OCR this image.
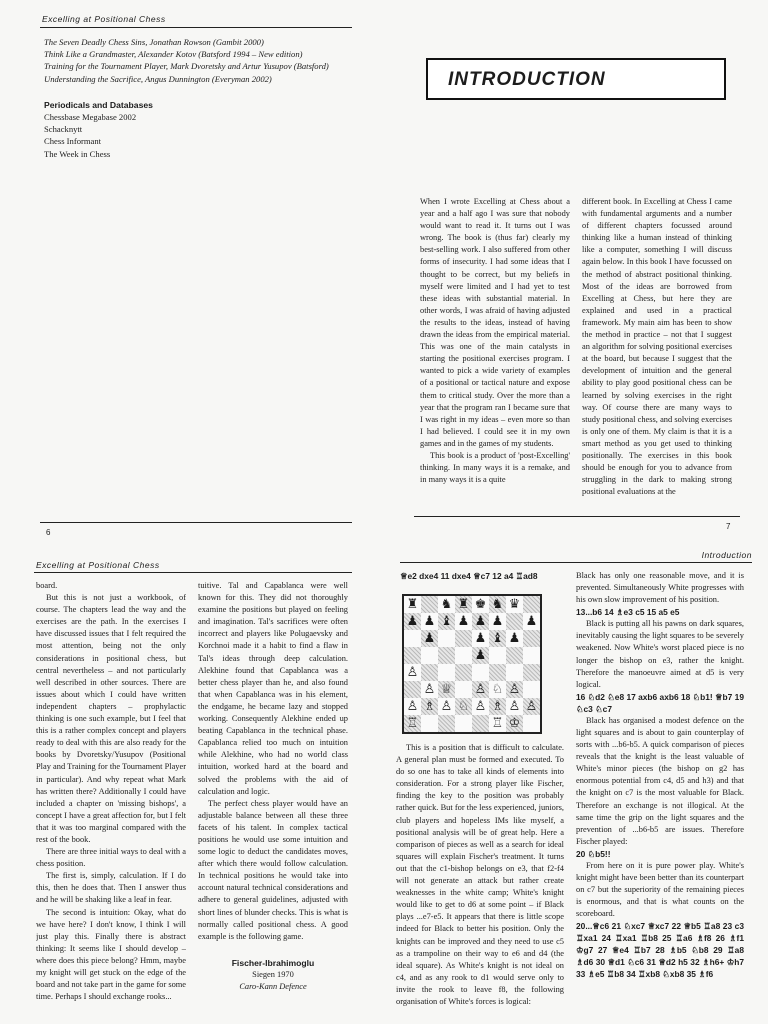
Excelling at Positional Chess
The Seven Deadly Chess Sins, Jonathan Rowson (Gambit 2000)
Think Like a Grandmaster, Alexander Kotov (Batsford 1994 – New edition)
Training for the Tournament Player, Mark Dvoretsky and Artur Yusupov (Batsford)
Understanding the Sacrifice, Angus Dunnington (Everyman 2002)
Periodicals and Databases
Chessbase Megabase 2002
Schacknytt
Chess Informant
The Week in Chess
6
INTRODUCTION

When I wrote Excelling at Chess about a year and a half ago I was sure that nobody would want to read it. It turns out I was wrong. The book is (thus far) clearly my best-selling work. I also suffered from other forms of insecurity. I had some ideas that I thought to be correct, but my beliefs in myself were limited and I had yet to test these ideas with substantial material. In other words, I was afraid of having adjusted the results to the ideas, instead of having drawn the ideas from the empirical material. This was one of the main catalysts in starting the positional exercises program. I wanted to pick a wide variety of examples of a positional or tactical nature and expose them to critical study. Over the more than a year that the program ran I became sure that I was right in my ideas – even more so than I had believed. I could see it in my own games and in the games of my students.

This book is a product of 'post-Excelling' thinking. In many ways it is a remake, and in many ways it is a quite

different book. In Excelling at Chess I came with fundamental arguments and a number of different chapters focussed around thinking like a human instead of thinking like a computer, something I will discuss again below. In this book I have focussed on the method of abstract positional thinking. Most of the ideas are borrowed from Excelling at Chess, but here they are explained and used in a practical framework. My main aim has been to show the method in practice – not that I suggest an algorithm for solving positional exercises at the board, but because I suggest that the development of intuition and the general ability to play good positional chess can be learned by solving exercises in the right way. Of course there are many ways to study positional chess, and solving exercises is only one of them. My claim is that it is a smart method as you get used to thinking positionally. The exercises in this book should be enough for you to advance from struggling in the dark to making strong positional evaluations at the

7
Excelling at Positional Chess

board.

But this is not just a workbook, of course. The chapters lead the way and the exercises are the path. In the exercises I have discussed issues that I felt required the most attention, being not the only considerations in positional chess, but central nevertheless – and not particularly well described in other sources. There are issues about which I could have written independent chapters – prophylactic thinking is one such example, but I feel that this is a rather complex concept and players ready to deal with this are also ready for the books by Dvoretsky/Yusupov (Positional Play and Training for the Tournament Player in particular). And why repeat what Mark has written there? Additionally I could have included a chapter on 'missing bishops', a concept I have a great affection for, but I felt that it was too marginal compared with the rest of the book.

There are three initial ways to deal with a chess position.

The first is, simply, calculation. If I do this, then he does that. Then I answer thus and he will be shaking like a leaf in fear.

The second is intuition: Okay, what do we have here? I don't know, I think I will just play this. Finally there is abstract thinking: It seems like I should develop – where does this piece belong? Hmm, maybe my knight will get stuck on the edge of the board and not take part in the game for some time. Perhaps I should exchange rooks...

tuitive. Tal and Capablanca were well known for this. They did not thoroughly examine the positions but played on feeling and imagination. Tal's sacrifices were often incorrect and players like Polugaevsky and Korchnoi made it a habit to find a flaw in Tal's ideas through deep calculation. Alekhine found that Capablanca was a better chess player than he, and also found that when Capablanca was in his element, the endgame, he became lazy and stopped working. Consequently Alekhine ended up beating Capablanca in the technical phase. Capablanca relied too much on intuition while Alekhine, who had no world class intuition, worked hard at the board and solved the problems with the aid of calculation and logic.

The perfect chess player would have an adjustable balance between all these three facets of his talent. In complex tactical positions he would use some intuition and some logic to deduct the candidates moves, after which there would follow calculation. In technical positions he would take into account natural technical considerations and adhere to general guidelines, adjusted with short lines of blunder checks. This is what is normally called positional chess. A good example is the following game.

Fischer-Ibrahimoglu
Siegen 1970
Caro-Kann Defence
Introduction
♕e2 dxe4 11 dxe4 ♕c7 12 a4 ♖ad8
♜ ♞ ♜ ♚ ♞ ♛
♟ ♟ ♝ ♟ ♟ ♟ ♟
♟	♟ ♝ ♟
♟
♙
♙ ♕ ♙ ♘ ♙
♙ ♗ ♙ ♘ ♙ ♗ ♙ ♙
♖	♖ ♔

This is a position that is difficult to calculate. A general plan must be formed and executed. To do so one has to take all kinds of elements into consideration. For a strong player like Fischer, finding the key to the position was probably rather quick. But for the less experienced, juniors, club players and hopeless IMs like myself, a positional analysis will be of great help. Here a comparison of pieces as well as a search for ideal squares will explain Fischer's treatment. It turns out that the c1-bishop belongs on e3, that f2-f4 will not generate an attack but rather create weaknesses in the white camp; White's knight would like to get to d6 at some point – if Black plays ...e7-e5. It appears that there is little scope indeed for Black to better his position. Only the knights can be improved and they need to use c5 as a trampoline on their way to e6 and d4 (the ideal square). As White's knight is not ideal on c4, and as any rook to d1 would serve only to invite the rook to leave f8, the following organisation of White's forces is logical:

Black has only one reasonable move, and it is prevented. Simultaneously White progresses with his own slow improvement of his position.

13...b6 14 ♗e3 c5 15 a5 e5

Black is putting all his pawns on dark squares, inevitably causing the light squares to be severely weakened. Now White's worst placed piece is no longer the bishop on e3, rather the knight. Therefore the manoeuvre aimed at d5 is very logical.

16 ♘d2 ♘e8 17 axb6 axb6 18 ♘b1! ♕b7 19 ♘c3 ♘c7

Black has organised a modest defence on the light squares and is about to gain counterplay of sorts with ...b6-b5. A quick comparison of pieces reveals that the knight is the least valuable of White's minor pieces (the bishop on g2 has enormous potential from c4, d5 and h3) and that the knight on c7 is the most valuable for Black. Therefore an exchange is not illogical. At the same time the grip on the light squares and the prevention of ...b6-b5 are issues. Therefore Fischer played:

20 ♘b5!!

From here on it is pure power play. White's knight might have been better than its counterpart on c7 but the superiority of the remaining pieces is enormous, and that is what counts on the scoreboard.

20...♕c6 21 ♘xc7 ♕xc7 22 ♕b5 ♖a8 23 c3 ♖xa1 24 ♖xa1 ♖b8 25 ♖a6 ♗f8 26 ♗f1 ♔g7 27 ♕e4 ♖b7 28 ♗b5 ♘b8 29 ♖a8 ♗d6 30 ♕d1 ♘c6 31 ♕d2 h5 32 ♗h6+ ♔h7 33 ♗e5 ♖b8 34 ♖xb8 ♘xb8 35 ♗f6
